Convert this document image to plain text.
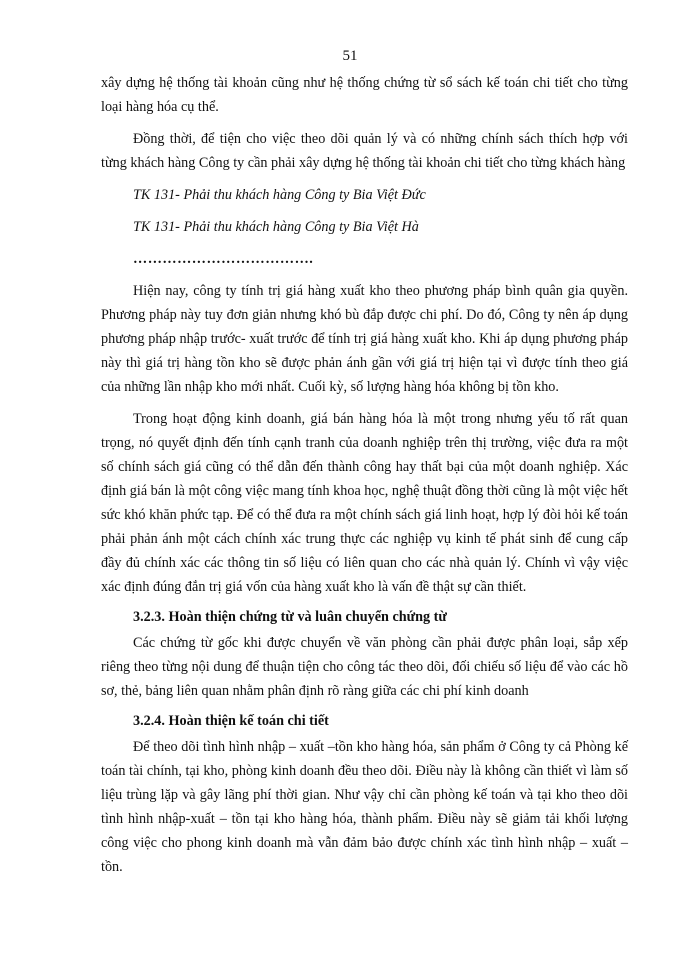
51

xây dựng hệ thống tài khoản cũng như hệ thống chứng từ sổ sách kế toán chi tiết cho từng loại hàng hóa cụ thể.

Đồng thời, để tiện cho việc theo dõi quản lý và có những chính sách thích hợp với từng khách hàng Công ty cần phải xây dựng hệ thống tài khoản chi tiết cho từng khách hàng

TK 131- Phải thu khách hàng Công ty Bia Việt Đức

TK 131- Phải thu khách hàng Công ty Bia Việt Hà

……………………………….

Hiện nay, công ty tính trị giá hàng xuất kho theo phương pháp bình quân gia quyền. Phương pháp này tuy đơn giản nhưng khó bù đắp được chi phí. Do đó, Công ty nên áp dụng phương pháp nhập trước- xuất trước để tính trị giá hàng xuất kho. Khi áp dụng phương pháp này thì giá trị hàng tồn kho sẽ được phản ánh gần với giá trị hiện tại vì được tính theo giá của những lần nhập kho mới nhất. Cuối kỳ, số lượng hàng hóa không bị tồn kho.

Trong hoạt động kinh doanh, giá bán hàng hóa là một trong nhưng yếu tố rất quan trọng, nó quyết định đến tính cạnh tranh của doanh nghiệp trên thị trường, việc đưa ra một số chính sách giá cũng có thể dẫn đến thành công hay thất bại của một doanh nghiệp. Xác định giá bán là một công việc mang tính khoa học, nghệ thuật đồng thời cũng là một việc hết sức khó khăn phức tạp. Để có thể đưa ra một chính sách giá linh hoạt, hợp lý đòi hỏi kế toán phải phản ánh một cách chính xác trung thực các nghiệp vụ kinh tế phát sinh để cung cấp đầy đủ chính xác các thông tin số liệu có liên quan cho các nhà quản lý. Chính vì vậy việc xác định đúng đắn trị giá vốn của hàng xuất kho là vấn đề thật sự cần thiết.

3.2.3. Hoàn thiện chứng từ và luân chuyển chứng từ

Các chứng từ gốc khi được chuyển về văn phòng cần phải được phân loại, sắp xếp riêng theo từng nội dung để thuận tiện cho công tác theo dõi, đối chiếu số liệu để vào các hồ sơ, thẻ, bảng liên quan nhằm phân định rõ ràng giữa các chi phí kinh doanh

3.2.4. Hoàn thiện kế toán chi tiết

Để theo dõi tình hình nhập – xuất –tồn kho hàng hóa, sản phẩm ở Công ty cả Phòng kế toán tài chính, tại kho, phòng kinh doanh đều theo dõi. Điều này là không cần thiết vì làm số liệu trùng lặp và gây lãng phí thời gian. Như vậy chỉ cần phòng kế toán và tại kho theo dõi tình hình nhập-xuất – tồn tại kho hàng hóa, thành phẩm. Điều này sẽ giảm tải khối lượng công việc cho phong kinh doanh mà vẫn đảm bảo được chính xác tình hình nhập – xuất – tồn.
